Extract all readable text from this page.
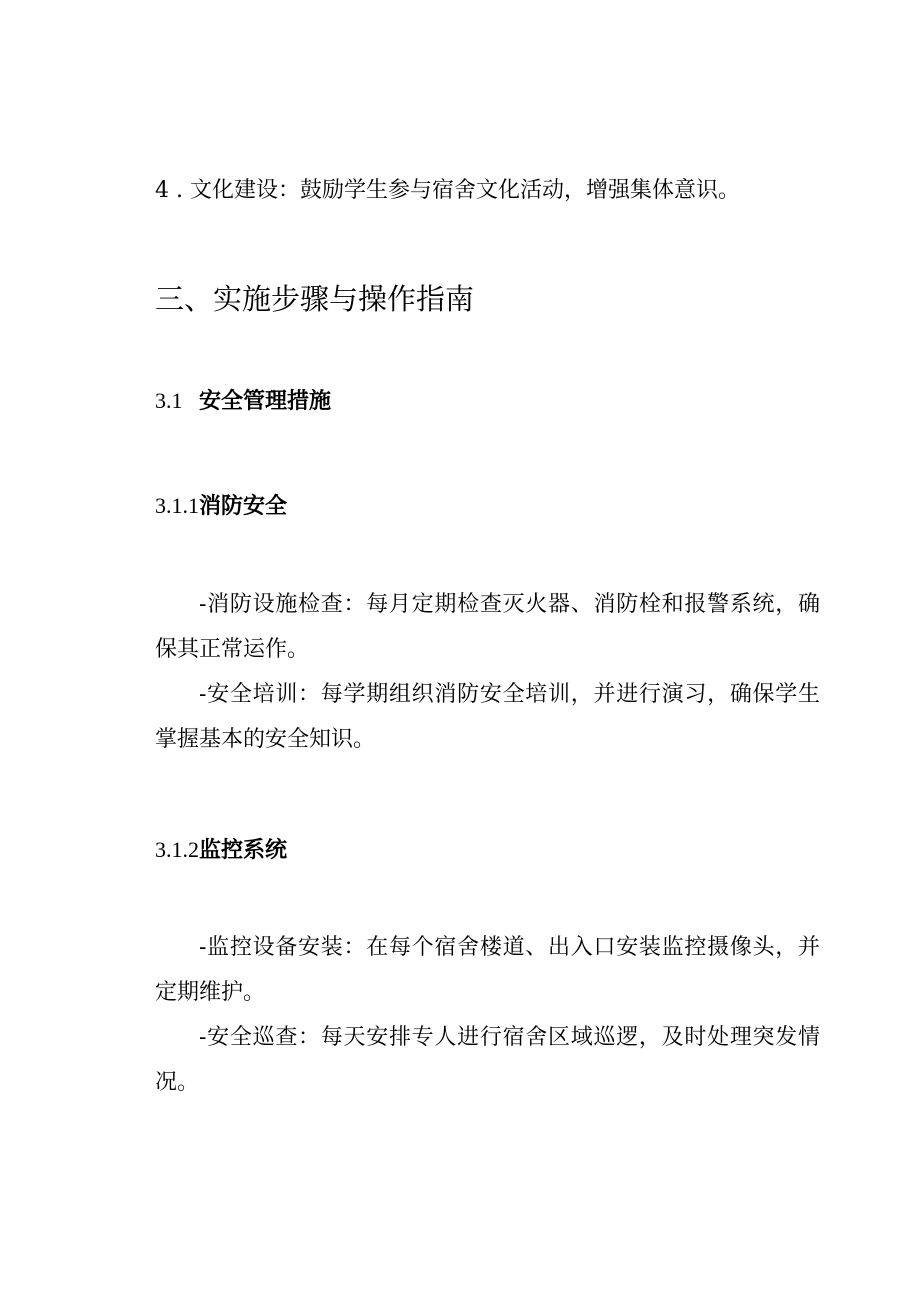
4 . 文化建设：鼓励学生参与宿舍文化活动，增强集体意识。
三、实施步骤与操作指南
3.1 安全管理措施
3.1.1消防安全

-消防设施检查：每月定期检查灭火器、消防栓和报警系统，确保其正常运作。

-安全培训：每学期组织消防安全培训，并进行演习，确保学生掌握基本的安全知识。

3.1.2监控系统

-监控设备安装：在每个宿舍楼道、出入口安装监控摄像头，并定期维护。

-安全巡查：每天安排专人进行宿舍区域巡逻，及时处理突发情况。
